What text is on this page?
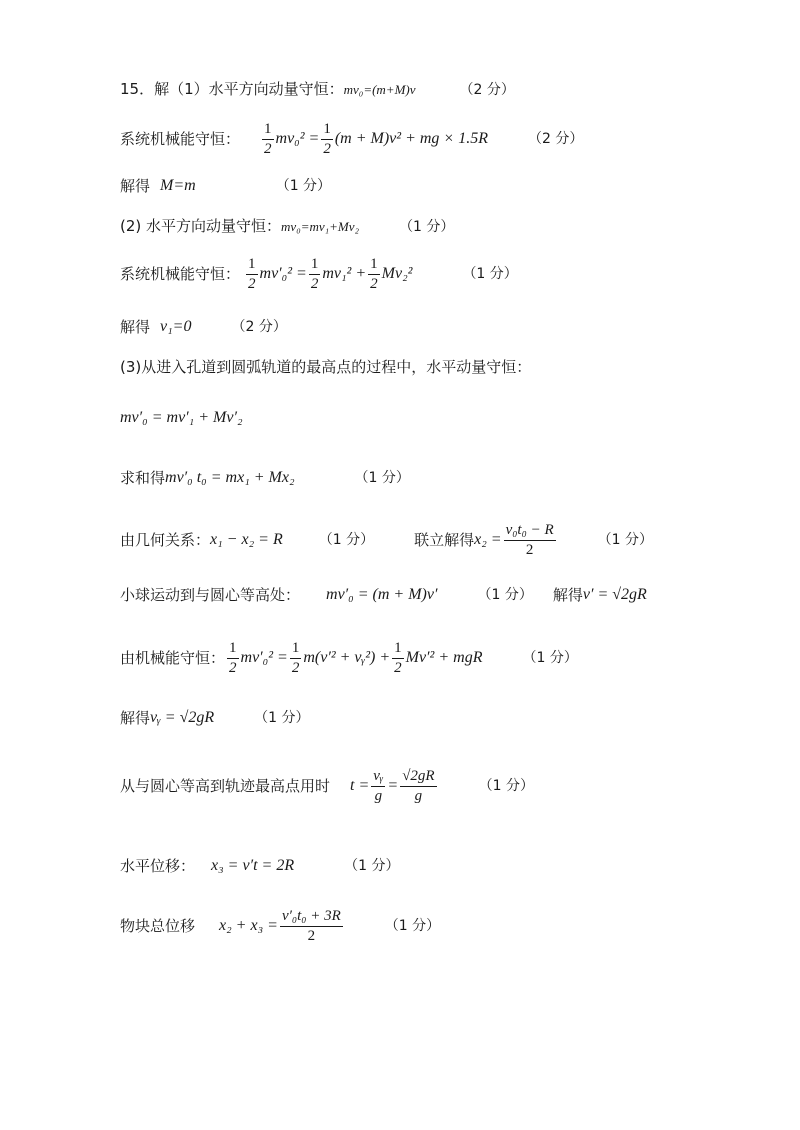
15．解（1）水平方向动量守恒： mv₀=(m+M)v	（2 分）
系统机械能守恒： $\frac{1}{2} mv_0^2 = \frac{1}{2} (m + M)v^2$ + mg × 1.5R	（2 分）
解得 M=m	（1 分）
(2) 水平方向动量守恒： mv₀=mv₁+Mv₂	（1 分）
系统机械能守恒： $\frac{1}{2} mv'_0^2 = \frac{1}{2} mv_1^2 + \frac{1}{2} Mv_2^2$	（1 分）
解得 v₁=0	（2 分）
(3)从进入孔道到圆弧轨道的最高点的过程中，水平动量守恒：
mv′₀ = mv′₁ + Mv′₂
求和得 mv′₀ t₀ = mx₁ + Mx₂	（1 分）
由几何关系： x₁ − x₂ = R	（1 分）	联立解得 $x_2 = \frac{\text{v₀t₀ − R}}{2}$	（1 分）
小球运动到与圆心等高处： mv′₀ = (m + M)v′	（1 分） 解得 v′ = √2gR
由机械能守恒： $\frac{1}{2} mv'_0^2 = \frac{1}{2} m(v'^2$ + vᵧ²) + $\frac{1}{2} Mv'^2$ + mgR	（1 分）
解得 vᵧ = √2gR	（1 分）
从与圆心等高到轨迹最高点用时 $t = \frac{\text{vᵧ}}{g} = \frac{√2gR}{g}$	（1 分）
水平位移： x₃ = v′t = 2R	（1 分）
物块总位移 $x_2 + x_3 = \frac{\text{v′₀t₀ + 3R}}{2}$	（1 分）
